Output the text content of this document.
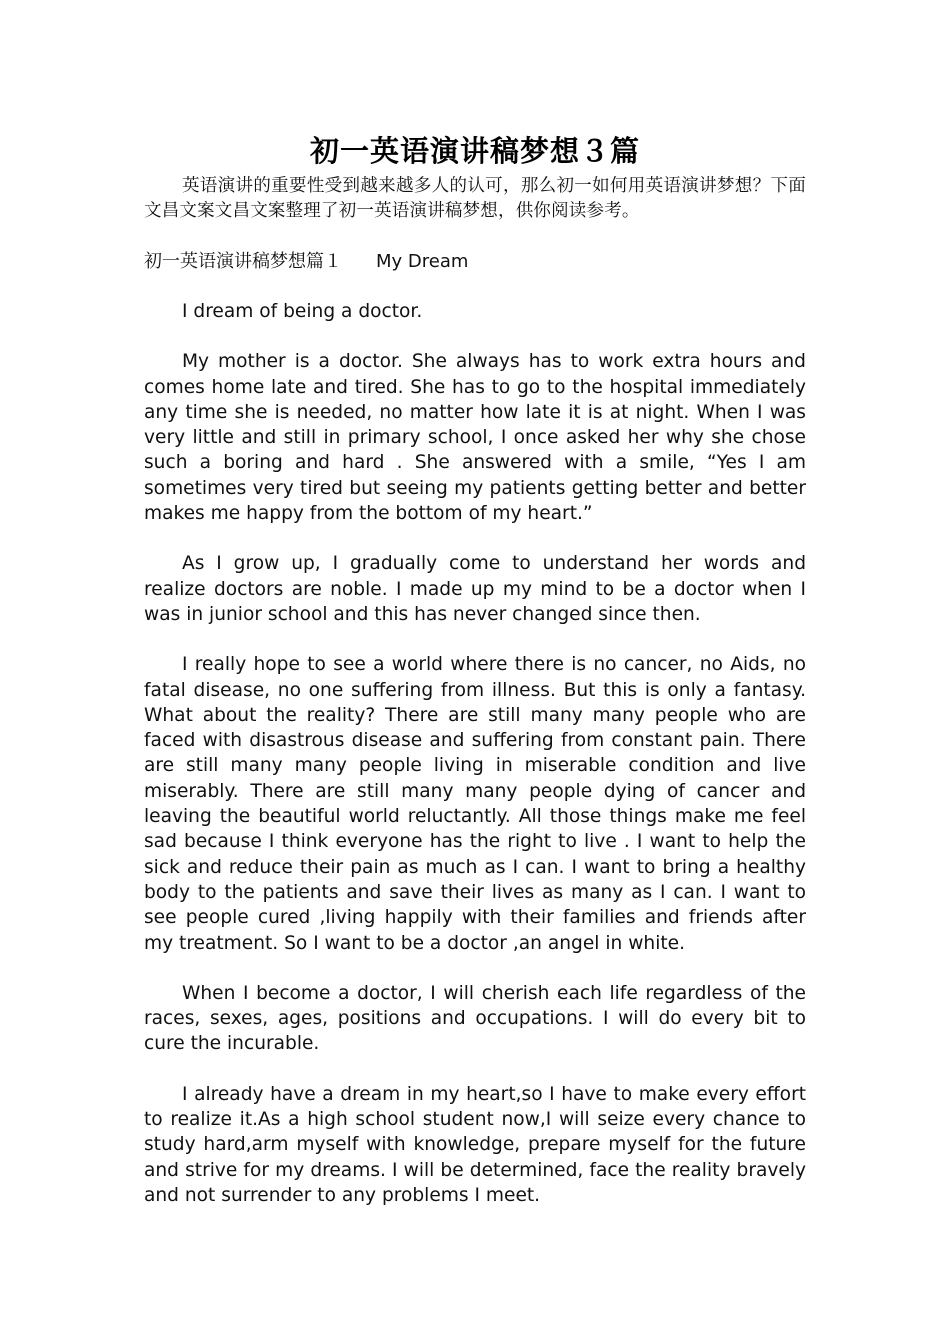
初一英语演讲稿梦想３篇

英语演讲的重要性受到越来越多人的认可，那么初一如何用英语演讲梦想？下面文昌文案文昌文案整理了初一英语演讲稿梦想，供你阅读参考。

初一英语演讲稿梦想篇１ My Dream

I dream of being a doctor.

My mother is a doctor. She always has to work extra hours and comes home late and tired. She has to go to the hospital immediately any time she is needed, no matter how late it is at night. When I was very little and still in primary school, I once asked her why she chose such a boring and hard . She answered with a smile, “Yes I am sometimes very tired but seeing my patients getting better and better makes me happy from the bottom of my heart.”

As I grow up, I gradually come to understand her words and realize doctors are noble. I made up my mind to be a doctor when I was in junior school and this has never changed since then.

I really hope to see a world where there is no cancer, no Aids, no fatal disease, no one suffering from illness. But this is only a fantasy. What about the reality? There are still many many people who are faced with disastrous disease and suffering from constant pain. There are still many many people living in miserable condition and live miserably. There are still many many people dying of cancer and leaving the beautiful world reluctantly. All those things make me feel sad because I think everyone has the right to live . I want to help the sick and reduce their pain as much as I can. I want to bring a healthy body to the patients and save their lives as many as I can. I want to see people cured ,living happily with their families and friends after my treatment. So I want to be a doctor ,an angel in white.

When I become a doctor, I will cherish each life regardless of the races, sexes, ages, positions and occupations. I will do every bit to cure the incurable.

I already have a dream in my heart,so I have to make every effort to realize it.As a high school student now,I will seize every chance to study hard,arm myself with knowledge, prepare myself for the future and strive for my dreams. I will be determined, face the reality bravely and not surrender to any problems I meet.
